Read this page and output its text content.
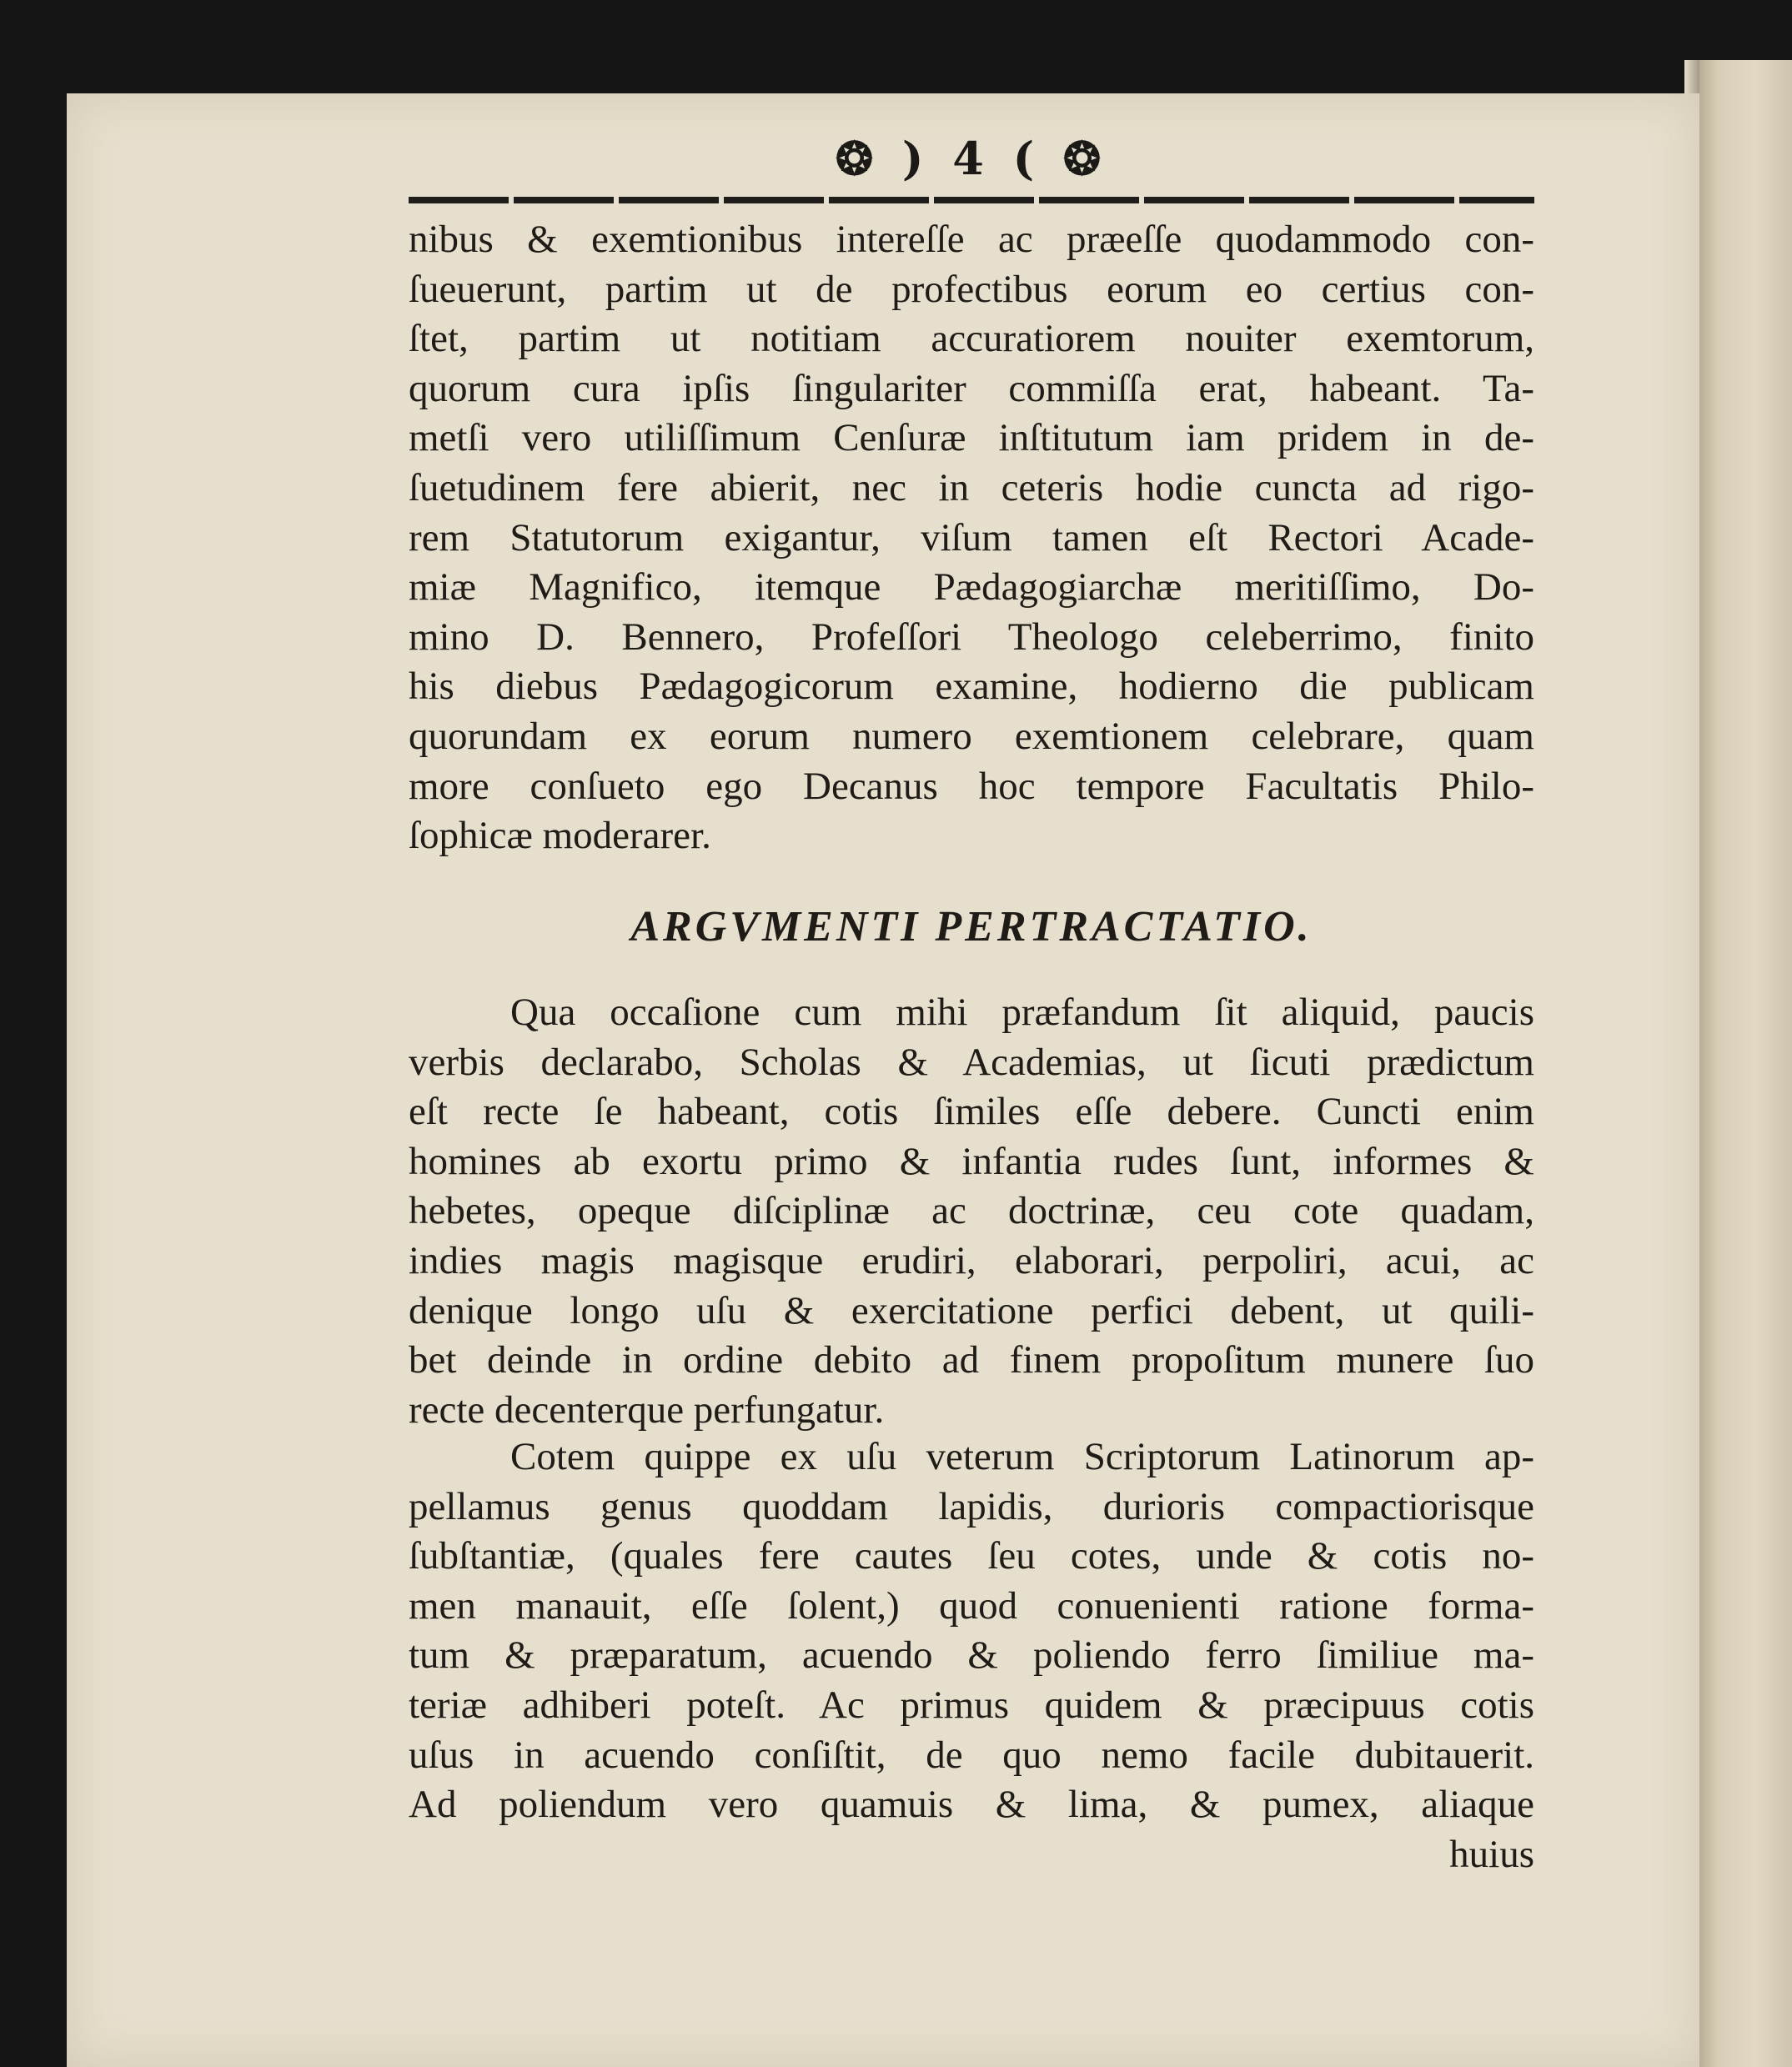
❂ ) 4 ( ❂
nibus & exemtionibus intereſſe ac præeſſe quodammodo con-
ſueuerunt, partim ut de profectibus eorum eo certius con-
ſtet, partim ut notitiam accuratiorem nouiter exemtorum,
quorum cura ipſis ſingulariter commiſſa erat, habeant. Ta-
metſi vero utiliſſimum Cenſuræ inſtitutum iam pridem in de-
ſuetudinem fere abierit, nec in ceteris hodie cuncta ad rigo-
rem Statutorum exigantur, viſum tamen eſt Rectori Acade-
miæ Magnifico, itemque Pædagogiarchæ meritiſſimo, Do-
mino D. Bennero, Profeſſori Theologo celeberrimo, finito
his diebus Pædagogicorum examine, hodierno die publicam
quorundam ex eorum numero exemtionem celebrare, quam
more conſueto ego Decanus hoc tempore Facultatis Philo-
ſophicæ moderarer.
ARGVMENTI PERTRACTATIO.
Qua occaſione cum mihi præfandum ſit aliquid, paucis
verbis declarabo, Scholas & Academias, ut ſicuti prædictum
eſt recte ſe habeant, cotis ſimiles eſſe debere. Cuncti enim
homines ab exortu primo & infantia rudes ſunt, informes &
hebetes, opeque diſciplinæ ac doctrinæ, ceu cote quadam,
indies magis magisque erudiri, elaborari, perpoliri, acui, ac
denique longo uſu & exercitatione perfici debent, ut quili-
bet deinde in ordine debito ad finem propoſitum munere ſuo
recte decenterque perfungatur.
Cotem quippe ex uſu veterum Scriptorum Latinorum ap-
pellamus genus quoddam lapidis, durioris compactiorisque
ſubſtantiæ, (quales fere cautes ſeu cotes, unde & cotis no-
men manauit, eſſe ſolent,) quod conuenienti ratione forma-
tum & præparatum, acuendo & poliendo ferro ſimiliue ma-
teriæ adhiberi poteſt. Ac primus quidem & præcipuus cotis
uſus in acuendo conſiſtit, de quo nemo facile dubitauerit.
Ad poliendum vero quamuis & lima, & pumex, aliaque
huius
